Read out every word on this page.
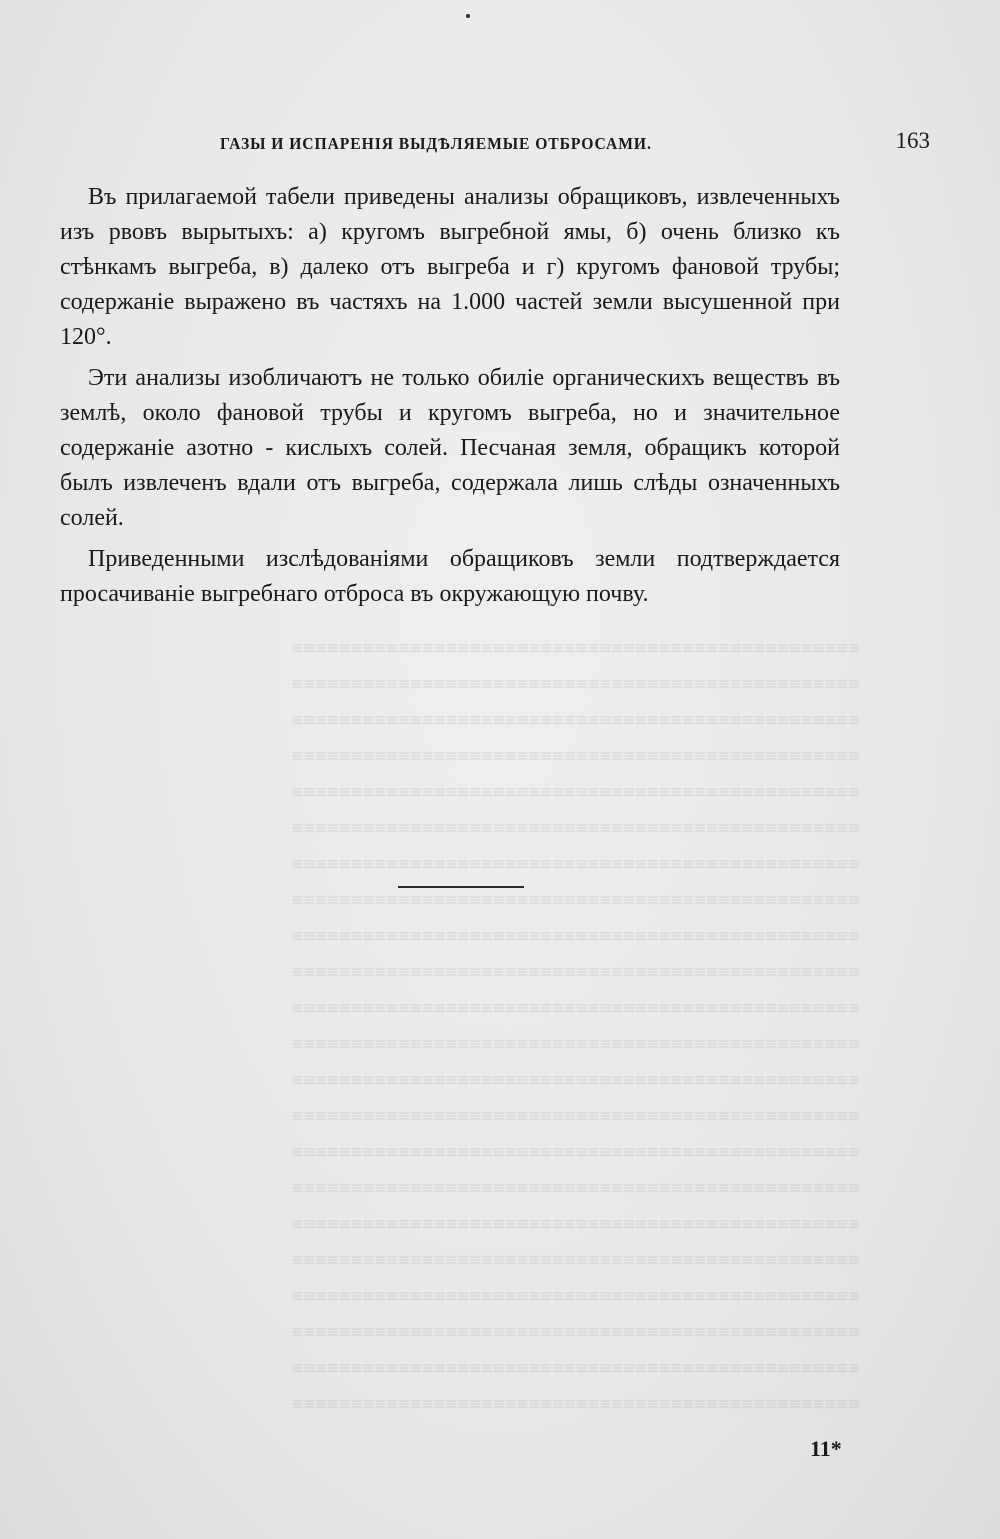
≡≡≡≡≡≡≡≡≡≡≡≡≡≡≡≡≡≡≡≡≡≡≡≡≡≡≡≡≡≡≡≡≡≡≡≡≡≡≡≡≡≡≡≡≡≡≡≡
≡≡≡≡≡≡≡≡≡≡≡≡≡≡≡≡≡≡≡≡≡≡≡≡≡≡≡≡≡≡≡≡≡≡≡≡≡≡≡≡≡≡≡≡≡≡≡≡
≡≡≡≡≡≡≡≡≡≡≡≡≡≡≡≡≡≡≡≡≡≡≡≡≡≡≡≡≡≡≡≡≡≡≡≡≡≡≡≡≡≡≡≡≡≡≡≡
≡≡≡≡≡≡≡≡≡≡≡≡≡≡≡≡≡≡≡≡≡≡≡≡≡≡≡≡≡≡≡≡≡≡≡≡≡≡≡≡≡≡≡≡≡≡≡≡
≡≡≡≡≡≡≡≡≡≡≡≡≡≡≡≡≡≡≡≡≡≡≡≡≡≡≡≡≡≡≡≡≡≡≡≡≡≡≡≡≡≡≡≡≡≡≡≡
≡≡≡≡≡≡≡≡≡≡≡≡≡≡≡≡≡≡≡≡≡≡≡≡≡≡≡≡≡≡≡≡≡≡≡≡≡≡≡≡≡≡≡≡≡≡≡≡
≡≡≡≡≡≡≡≡≡≡≡≡≡≡≡≡≡≡≡≡≡≡≡≡≡≡≡≡≡≡≡≡≡≡≡≡≡≡≡≡≡≡≡≡≡≡≡≡
≡≡≡≡≡≡≡≡≡≡≡≡≡≡≡≡≡≡≡≡≡≡≡≡≡≡≡≡≡≡≡≡≡≡≡≡≡≡≡≡≡≡≡≡≡≡≡≡
≡≡≡≡≡≡≡≡≡≡≡≡≡≡≡≡≡≡≡≡≡≡≡≡≡≡≡≡≡≡≡≡≡≡≡≡≡≡≡≡≡≡≡≡≡≡≡≡
≡≡≡≡≡≡≡≡≡≡≡≡≡≡≡≡≡≡≡≡≡≡≡≡≡≡≡≡≡≡≡≡≡≡≡≡≡≡≡≡≡≡≡≡≡≡≡≡
≡≡≡≡≡≡≡≡≡≡≡≡≡≡≡≡≡≡≡≡≡≡≡≡≡≡≡≡≡≡≡≡≡≡≡≡≡≡≡≡≡≡≡≡≡≡≡≡
≡≡≡≡≡≡≡≡≡≡≡≡≡≡≡≡≡≡≡≡≡≡≡≡≡≡≡≡≡≡≡≡≡≡≡≡≡≡≡≡≡≡≡≡≡≡≡≡
≡≡≡≡≡≡≡≡≡≡≡≡≡≡≡≡≡≡≡≡≡≡≡≡≡≡≡≡≡≡≡≡≡≡≡≡≡≡≡≡≡≡≡≡≡≡≡≡
≡≡≡≡≡≡≡≡≡≡≡≡≡≡≡≡≡≡≡≡≡≡≡≡≡≡≡≡≡≡≡≡≡≡≡≡≡≡≡≡≡≡≡≡≡≡≡≡
≡≡≡≡≡≡≡≡≡≡≡≡≡≡≡≡≡≡≡≡≡≡≡≡≡≡≡≡≡≡≡≡≡≡≡≡≡≡≡≡≡≡≡≡≡≡≡≡
≡≡≡≡≡≡≡≡≡≡≡≡≡≡≡≡≡≡≡≡≡≡≡≡≡≡≡≡≡≡≡≡≡≡≡≡≡≡≡≡≡≡≡≡≡≡≡≡
≡≡≡≡≡≡≡≡≡≡≡≡≡≡≡≡≡≡≡≡≡≡≡≡≡≡≡≡≡≡≡≡≡≡≡≡≡≡≡≡≡≡≡≡≡≡≡≡
≡≡≡≡≡≡≡≡≡≡≡≡≡≡≡≡≡≡≡≡≡≡≡≡≡≡≡≡≡≡≡≡≡≡≡≡≡≡≡≡≡≡≡≡≡≡≡≡
≡≡≡≡≡≡≡≡≡≡≡≡≡≡≡≡≡≡≡≡≡≡≡≡≡≡≡≡≡≡≡≡≡≡≡≡≡≡≡≡≡≡≡≡≡≡≡≡
≡≡≡≡≡≡≡≡≡≡≡≡≡≡≡≡≡≡≡≡≡≡≡≡≡≡≡≡≡≡≡≡≡≡≡≡≡≡≡≡≡≡≡≡≡≡≡≡
≡≡≡≡≡≡≡≡≡≡≡≡≡≡≡≡≡≡≡≡≡≡≡≡≡≡≡≡≡≡≡≡≡≡≡≡≡≡≡≡≡≡≡≡≡≡≡≡
≡≡≡≡≡≡≡≡≡≡≡≡≡≡≡≡≡≡≡≡≡≡≡≡≡≡≡≡≡≡≡≡≡≡≡≡≡≡≡≡≡≡≡≡≡≡≡≡
ГАЗЫ И ИСПАРЕНІЯ ВЫДѢЛЯЕМЫЕ ОТБРОСАМИ.	163

Въ прилагаемой табели приведены анализы обращиковъ, извлеченныхъ изъ рвовъ вырытыхъ: а) кругомъ выгребной ямы, б) очень близко къ стѣнкамъ выгреба, в) далеко отъ выгреба и г) кругомъ фановой трубы; содержаніе выражено въ частяхъ на 1.000 частей земли высушенной при 120°.

Эти анализы изобличаютъ не только обиліе органическихъ веществъ въ землѣ, около фановой трубы и кругомъ выгреба, но и значительное содержаніе азотно - кислыхъ солей. Песчаная земля, обращикъ которой былъ извлеченъ вдали отъ выгреба, содержала лишь слѣды означенныхъ солей.

Приведенными изслѣдованіями обращиковъ земли подтверждается просачиваніе выгребнаго отброса въ окружающую почву.

11*
